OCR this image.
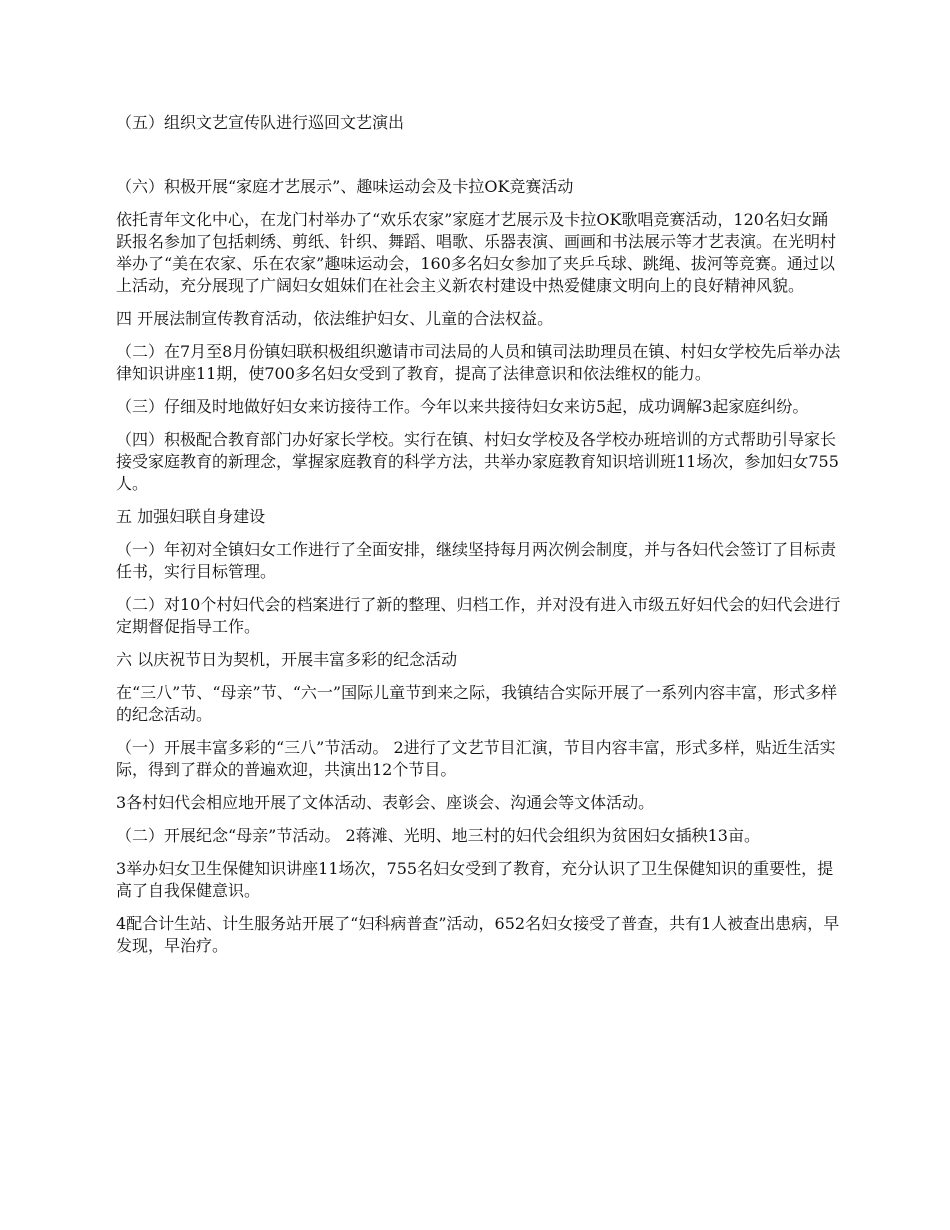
（五）组织文艺宣传队进行巡回文艺演出

（六）积极开展“家庭才艺展示”、趣味运动会及卡拉OK竞赛活动

依托青年文化中心，在龙门村举办了“欢乐农家”家庭才艺展示及卡拉OK歌唱竞赛活动，120名妇女踊跃报名参加了包括刺绣、剪纸、针织、舞蹈、唱歌、乐器表演、画画和书法展示等才艺表演。在光明村举办了“美在农家、乐在农家”趣味运动会，160多名妇女参加了夹乒乓球、跳绳、拔河等竞赛。通过以上活动，充分展现了广阔妇女姐妹们在社会主义新农村建设中热爱健康文明向上的良好精神风貌。

四 开展法制宣传教育活动，依法维护妇女、儿童的合法权益。

（二）在7月至8月份镇妇联积极组织邀请市司法局的人员和镇司法助理员在镇、村妇女学校先后举办法律知识讲座11期，使700多名妇女受到了教育，提高了法律意识和依法维权的能力。

（三）仔细及时地做好妇女来访接待工作。今年以来共接待妇女来访5起，成功调解3起家庭纠纷。

（四）积极配合教育部门办好家长学校。实行在镇、村妇女学校及各学校办班培训的方式帮助引导家长接受家庭教育的新理念，掌握家庭教育的科学方法，共举办家庭教育知识培训班11场次，参加妇女755人。

五 加强妇联自身建设

（一）年初对全镇妇女工作进行了全面安排，继续坚持每月两次例会制度，并与各妇代会签订了目标责任书，实行目标管理。

（二）对10个村妇代会的档案进行了新的整理、归档工作，并对没有进入市级五好妇代会的妇代会进行定期督促指导工作。

六 以庆祝节日为契机，开展丰富多彩的纪念活动

在“三八”节、“母亲”节、“六一”国际儿童节到来之际，我镇结合实际开展了一系列内容丰富，形式多样的纪念活动。

（一）开展丰富多彩的“三八”节活动。 2进行了文艺节目汇演，节目内容丰富，形式多样，贴近生活实际，得到了群众的普遍欢迎，共演出12个节目。

3各村妇代会相应地开展了文体活动、表彰会、座谈会、沟通会等文体活动。

（二）开展纪念“母亲”节活动。 2蒋滩、光明、地三村的妇代会组织为贫困妇女插秧13亩。

3举办妇女卫生保健知识讲座11场次，755名妇女受到了教育，充分认识了卫生保健知识的重要性，提高了自我保健意识。

4配合计生站、计生服务站开展了“妇科病普查”活动，652名妇女接受了普查，共有1人被查出患病，早发现，早治疗。
